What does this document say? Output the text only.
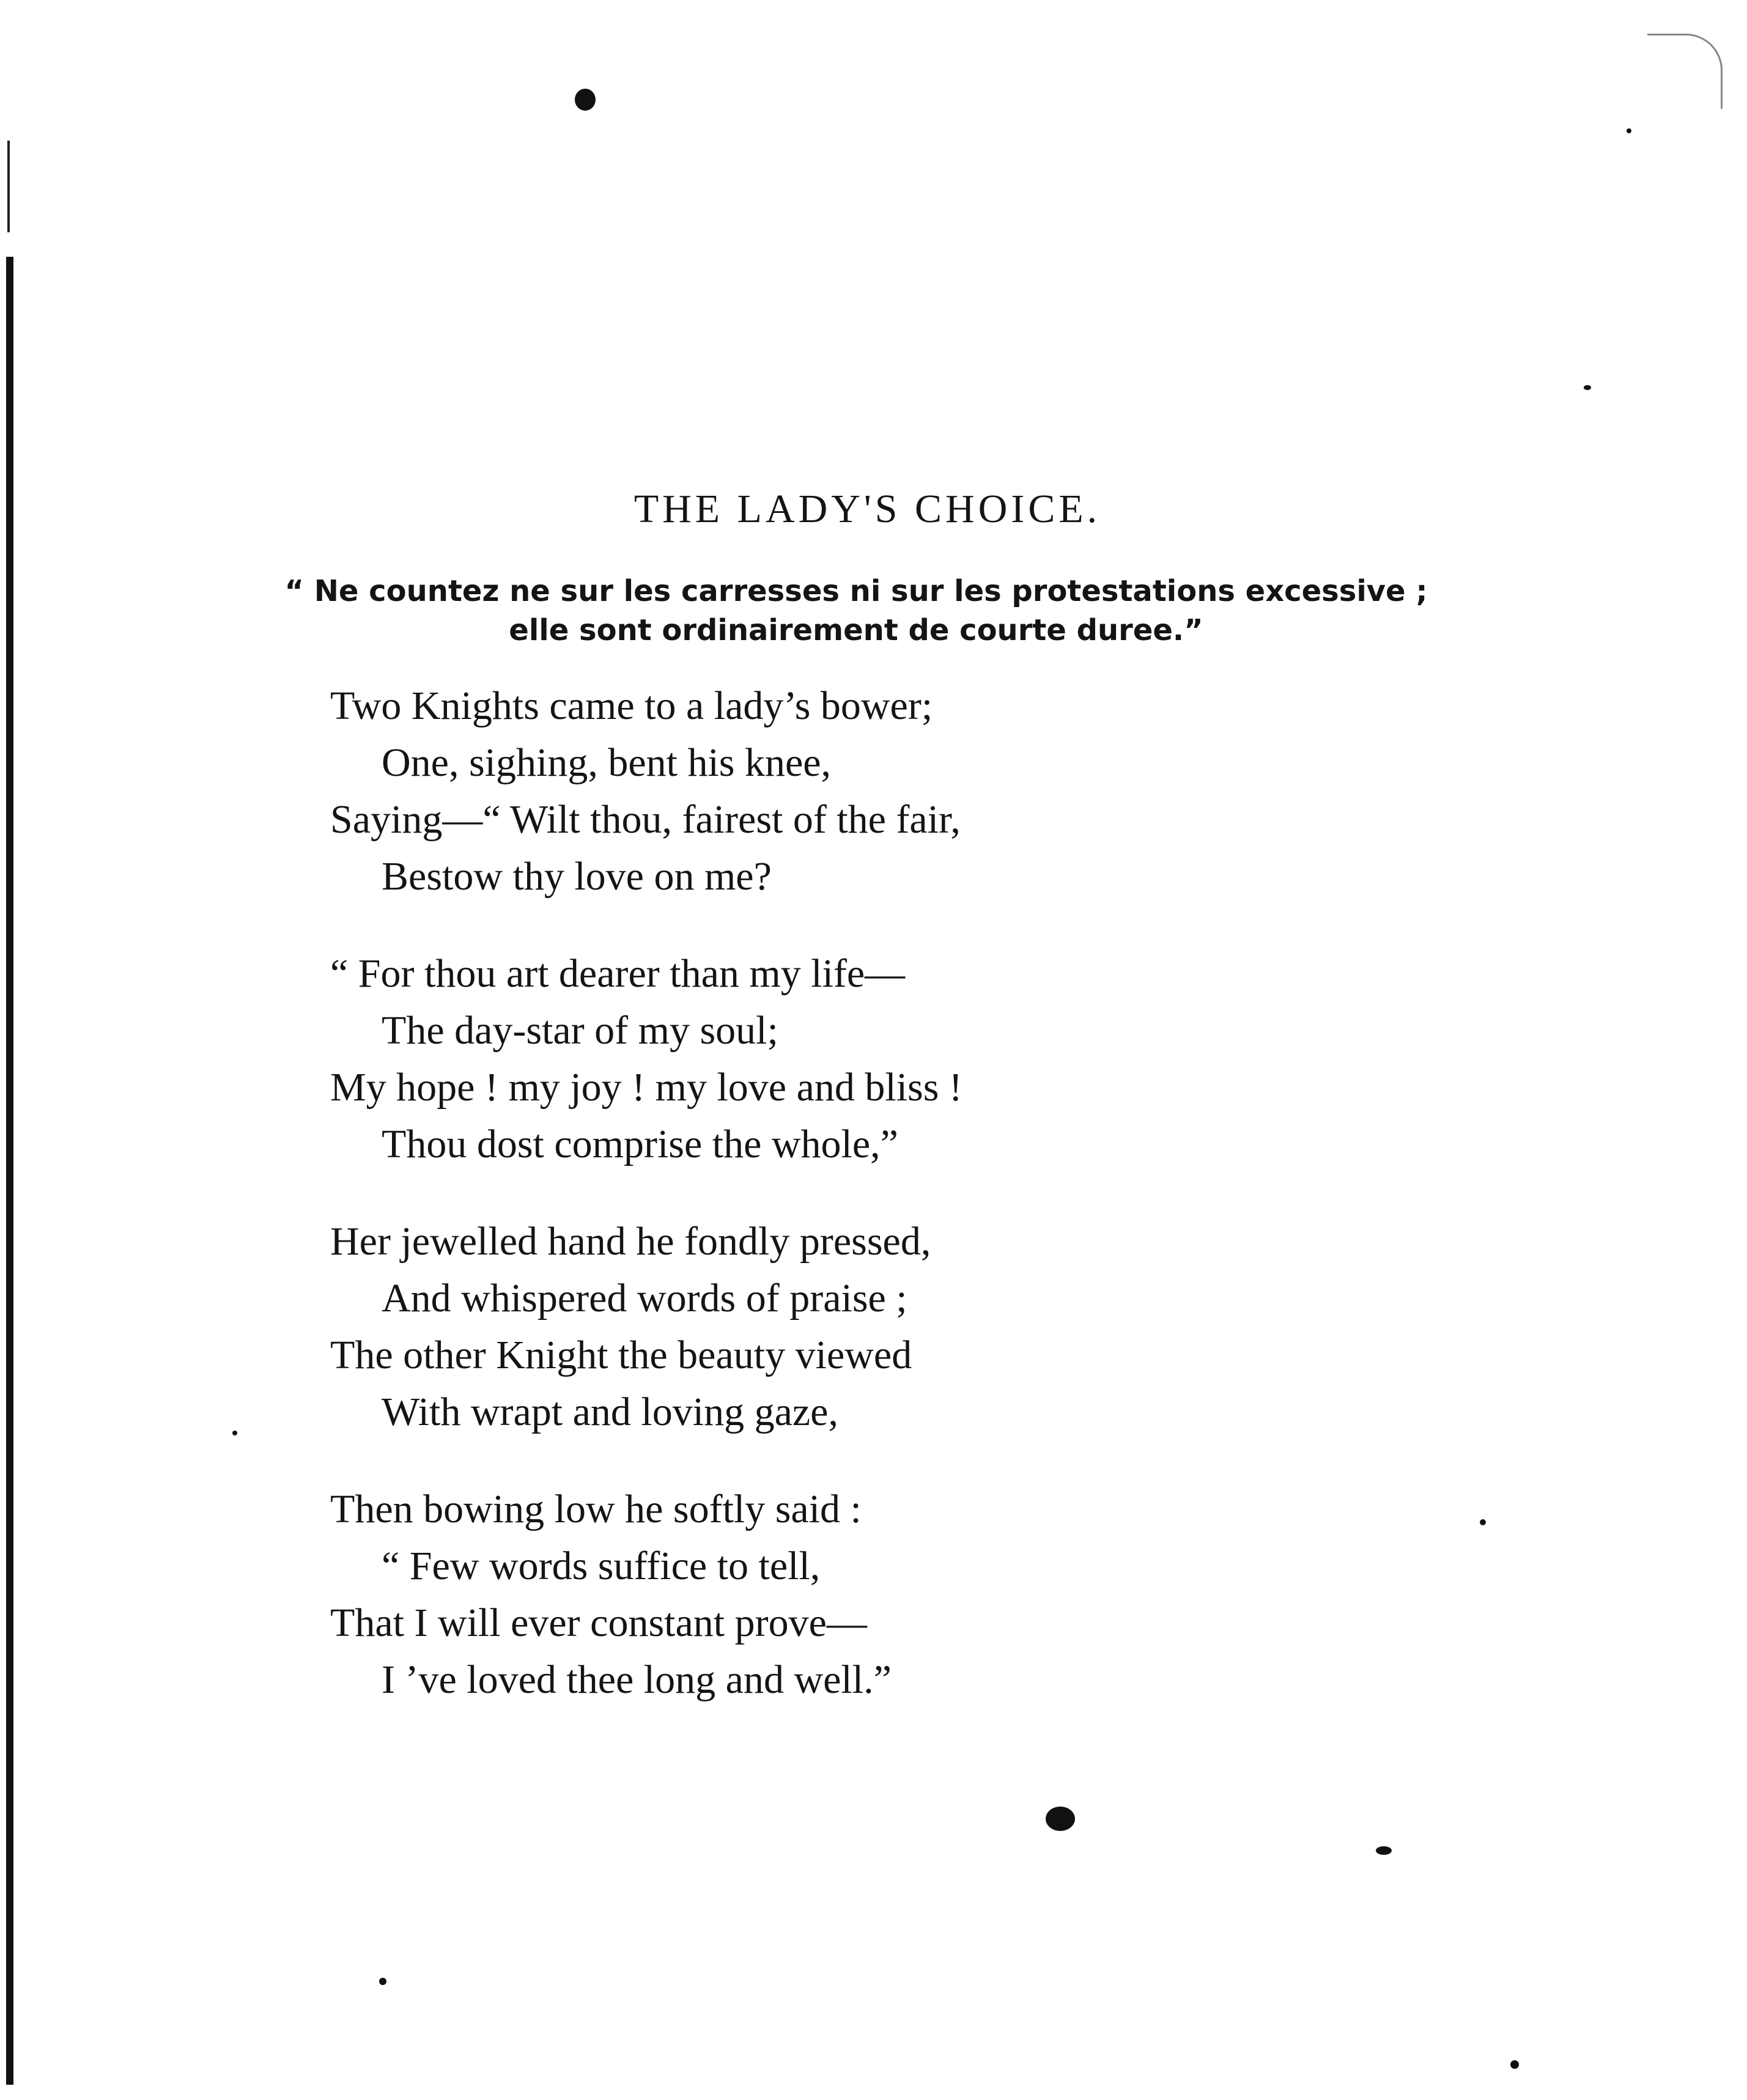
THE LADY'S CHOICE.
“ Ne countez ne sur les carresses ni sur les protestations excessive ;
elle sont ordinairement de courte duree.”
Two Knights came to a lady’s bower;
One, sighing, bent his knee,
Saying—“ Wilt thou, fairest of the fair,
Bestow thy love on me?
“ For thou art dearer than my life—
The day-star of my soul;
My hope ! my joy ! my love and bliss !
Thou dost comprise the whole,”
Her jewelled hand he fondly pressed,
And whispered words of praise ;
The other Knight the beauty viewed
With wrapt and loving gaze,
Then bowing low he softly said :
“ Few words suffice to tell,
That I will ever constant prove—
I ’ve loved thee long and well.”
